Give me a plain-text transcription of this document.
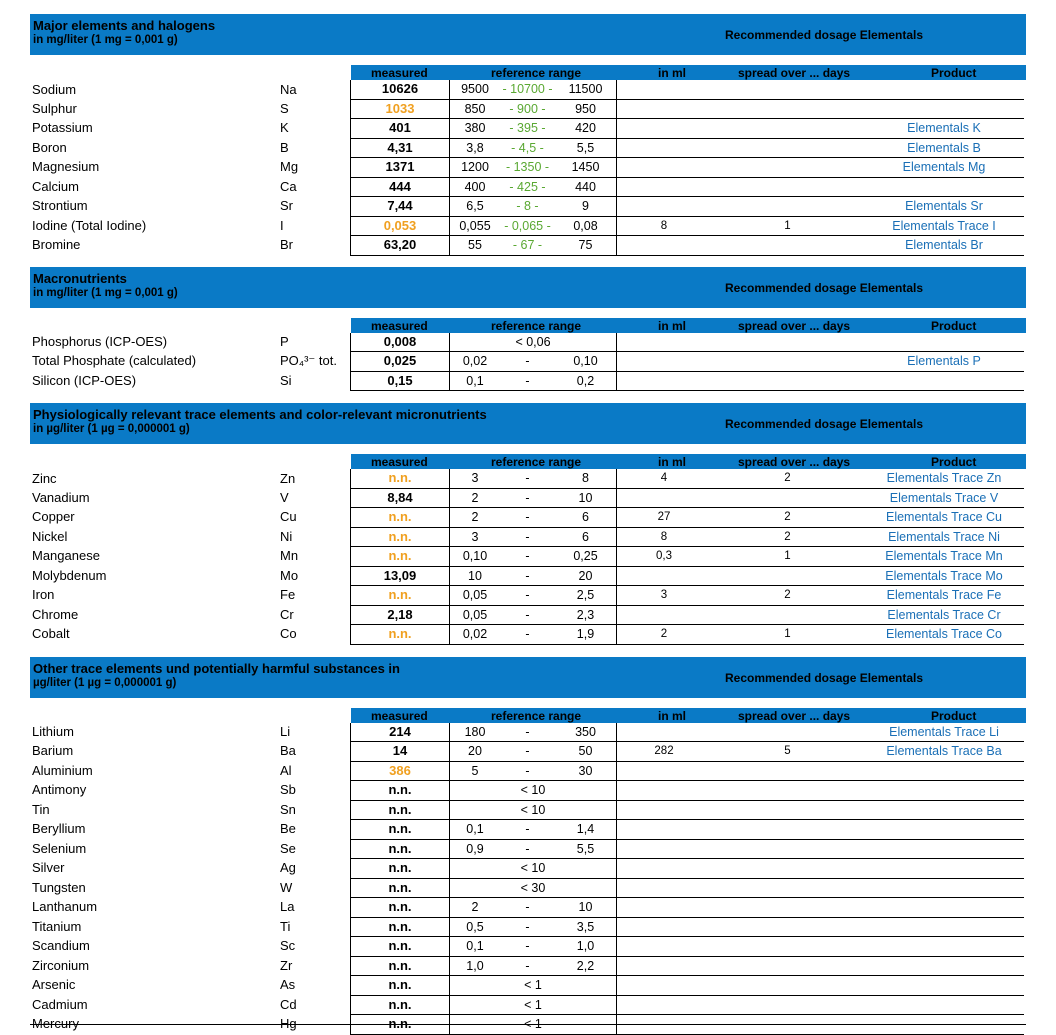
Major elements and halogens
in mg/liter (1 mg = 0,001 g)	Recommended dosage Elementals
measured	reference range	in ml	spread over ... days	Product
Sodium	Na	10626	9500	- 10700 -	11500			
Sulphur	S	1033	850	- 900 -	950			
Potassium	K	401	380	- 395 -	420			Elementals K
Boron	B	4,31	3,8	- 4,5 -	5,5			Elementals B
Magnesium	Mg	1371	1200	- 1350 -	1450			Elementals Mg
Calcium	Ca	444	400	- 425 -	440			
Strontium	Sr	7,44	6,5	- 8 -	9			Elementals Sr
Iodine (Total Iodine)	I	0,053	0,055	- 0,065 -	0,08	8	1	Elementals Trace I
Bromine	Br	63,20	55	- 67 -	75			Elementals Br
Macronutrients
in mg/liter (1 mg = 0,001 g)	Recommended dosage Elementals
measured	reference range	in ml	spread over ... days	Product
Phosphorus (ICP-OES)	P	0,008	< 0,06					
Total Phosphate (calculated)	PO₄³⁻ tot.	0,025	0,02	-	0,10			Elementals P
Silicon (ICP-OES)	Si	0,15	0,1	-	0,2			
Physiologically relevant trace elements and color-relevant micronutrients
in µg/liter (1 µg = 0,000001 g)	Recommended dosage Elementals
measured	reference range	in ml	spread over ... days	Product
Zinc	Zn	n.n.	3	-	8	4	2	Elementals Trace Zn
Vanadium	V	8,84	2	-	10			Elementals Trace V
Copper	Cu	n.n.	2	-	6	27	2	Elementals Trace Cu
Nickel	Ni	n.n.	3	-	6	8	2	Elementals Trace Ni
Manganese	Mn	n.n.	0,10	-	0,25	0,3	1	Elementals Trace Mn
Molybdenum	Mo	13,09	10	-	20			Elementals Trace Mo
Iron	Fe	n.n.	0,05	-	2,5	3	2	Elementals Trace Fe
Chrome	Cr	2,18	0,05	-	2,3			Elementals Trace Cr
Cobalt	Co	n.n.	0,02	-	1,9	2	1	Elementals Trace Co
Other trace elements und potentially harmful substances in
µg/liter (1 µg = 0,000001 g)	Recommended dosage Elementals
measured	reference range	in ml	spread over ... days	Product
Lithium	Li	214	180	-	350			Elementals Trace Li
Barium	Ba	14	20	-	50	282	5	Elementals Trace Ba
Aluminium	Al	386	5	-	30			
Antimony	Sb	n.n.	< 10					
Tin	Sn	n.n.	< 10					
Beryllium	Be	n.n.	0,1	-	1,4			
Selenium	Se	n.n.	0,9	-	5,5			
Silver	Ag	n.n.	< 10					
Tungsten	W	n.n.	< 30					
Lanthanum	La	n.n.	2	-	10			
Titanium	Ti	n.n.	0,5	-	3,5			
Scandium	Sc	n.n.	0,1	-	1,0			
Zirconium	Zr	n.n.	1,0	-	2,2			
Arsenic	As	n.n.	< 1					
Cadmium	Cd	n.n.	< 1					
Mercury	Hg	n.n.	< 1					
